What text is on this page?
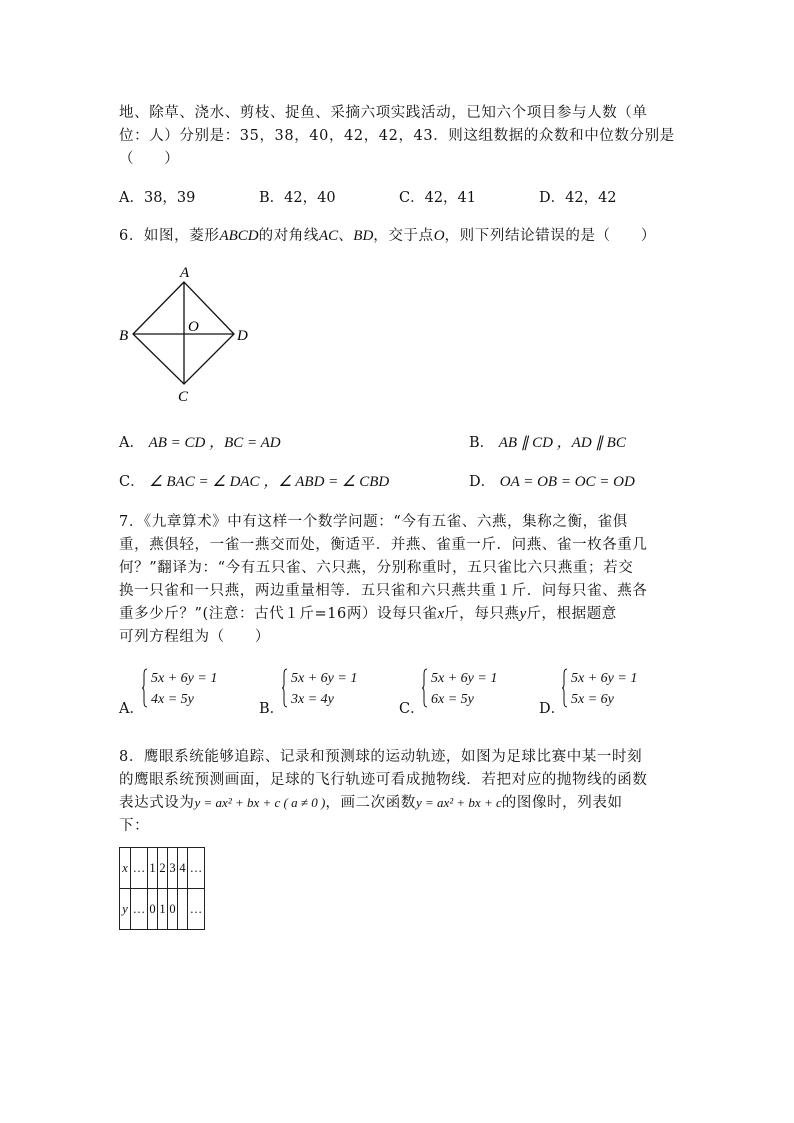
地、除草、浇水、剪枝、捉鱼、采摘六项实践活动，已知六个项目参与人数（单
位：人）分别是：35，38，40，42，42，43．则这组数据的众数和中位数分别是
（　　）
A．38，39	B．42，40	C．42，41	D．42，42
6．如图，菱形ABCD的对角线AC、BD，交于点O，则下列结论错误的是（　　）
A
B
C
D
O
A． AB = CD ，BC = AD	B． AB ∥ CD ，AD ∥ BC
C． ∠ BAC = ∠ DAC ，∠ ABD = ∠ CBD	D． OA = OB = OC = OD
7．《九章算术》中有这样一个数学问题：“今有五雀、六燕，集称之衡，雀俱
重，燕俱轻，一雀一燕交而处，衡适平．并燕、雀重一斤．问燕、雀一枚各重几
何？”翻译为：“今有五只雀、六只燕，分别称重时，五只雀比六只燕重；若交
换一只雀和一只燕，两边重量相等．五只雀和六只燕共重１斤．问每只雀、燕各
重多少斤？”(注意：古代１斤=16两）设每只雀x斤，每只燕y斤，根据题意
可列方程组为（　　）
A．
5x + 6y = 1
4x = 5y
B．
5x + 6y = 1
3x = 4y
C．
5x + 6y = 1
6x = 5y
D．
5x + 6y = 1
5x = 6y
8．鹰眼系统能够追踪、记录和预测球的运动轨迹，如图为足球比赛中某一时刻
的鹰眼系统预测画面，足球的飞行轨迹可看成抛物线．若把对应的抛物线的函数
表达式设为y = ax² + bx + c ( a ≠ 0 )，画二次函数y = ax² + bx + c的图像时，列表如
下：
x	…	1	2	3	4	…
y	…	0	1	0		…
